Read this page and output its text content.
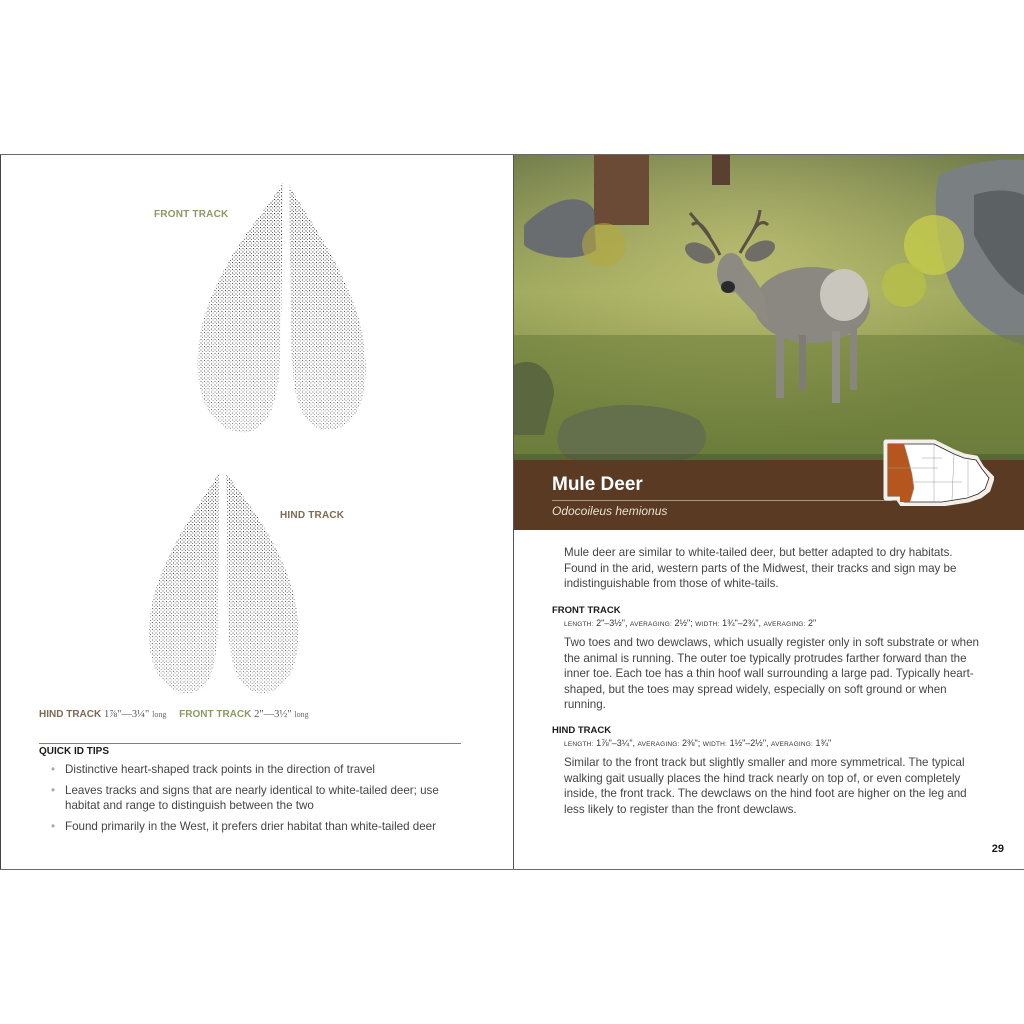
FRONT TRACK
HIND TRACK
HIND TRACK 1⅞"—3¼" long FRONT TRACK 2"—3½" long
QUICK ID TIPS
• Distinctive heart-shaped track points in the direction of travel
• Leaves tracks and signs that are nearly identical to white-tailed deer; use habitat and range to distinguish between the two
• Found primarily in the West, it prefers drier habitat than white-tailed deer
Mule Deer
Odocoileus hemionus
Mule deer are similar to white-tailed deer, but better adapted to dry habitats. Found in the arid, western parts of the Midwest, their tracks and sign may be indistinguishable from those of white-tails.
FRONT TRACK
LENGTH: 2"–3½", AVERAGING: 2½"; WIDTH: 1¾"–2¾", AVERAGING: 2"
Two toes and two dewclaws, which usually register only in soft substrate or when the animal is running. The outer toe typically protrudes farther forward than the inner toe. Each toe has a thin hoof wall surrounding a large pad. Typically heart-shaped, but the toes may spread widely, especially on soft ground or when running.
HIND TRACK
LENGTH: 1⅞"–3¼", AVERAGING: 2⅜"; WIDTH: 1½"–2½", AVERAGING: 1¾"
Similar to the front track but slightly smaller and more symmetrical. The typical walking gait usually places the hind track nearly on top of, or even completely inside, the front track. The dewclaws on the hind foot are higher on the leg and less likely to register than the front dewclaws.
29
